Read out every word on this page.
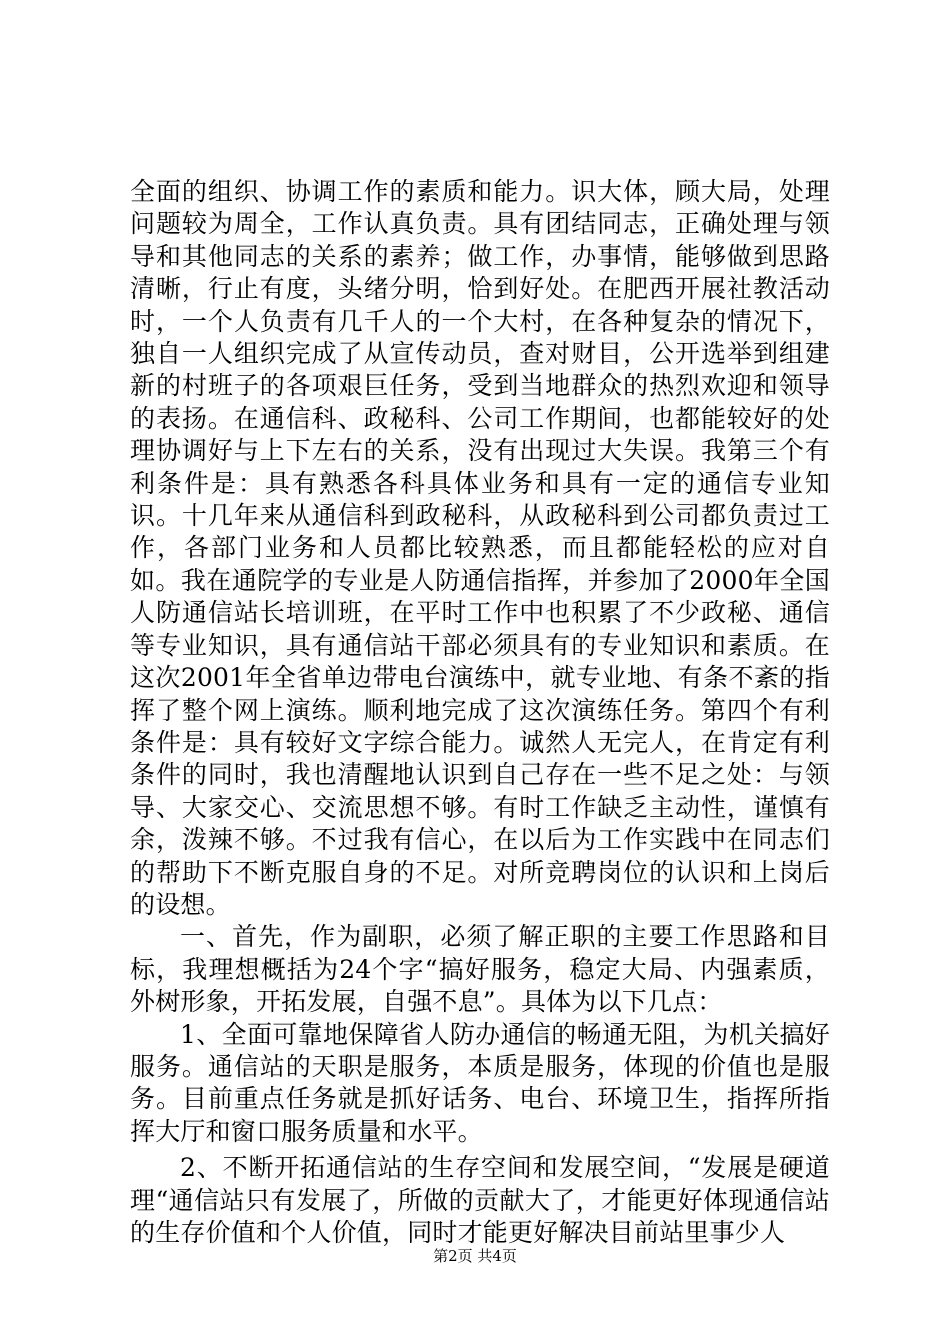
全面的组织、协调工作的素质和能力。识大体，顾大局，处理问题较为周全，工作认真负责。具有团结同志，正确处理与领导和其他同志的关系的素养；做工作，办事情，能够做到思路清晰，行止有度，头绪分明，恰到好处。在肥西开展社教活动时，一个人负责有几千人的一个大村，在各种复杂的情况下，独自一人组织完成了从宣传动员，查对财目，公开选举到组建新的村班子的各项艰巨任务，受到当地群众的热烈欢迎和领导的表扬。在通信科、政秘科、公司工作期间，也都能较好的处理协调好与上下左右的关系，没有出现过大失误。我第三个有利条件是：具有熟悉各科具体业务和具有一定的通信专业知识。十几年来从通信科到政秘科，从政秘科到公司都负责过工作，各部门业务和人员都比较熟悉，而且都能轻松的应对自如。我在通院学的专业是人防通信指挥，并参加了2000年全国人防通信站长培训班，在平时工作中也积累了不少政秘、通信等专业知识，具有通信站干部必须具有的专业知识和素质。在这次2001年全省单边带电台演练中，就专业地、有条不紊的指挥了整个网上演练。顺利地完成了这次演练任务。第四个有利条件是：具有较好文字综合能力。诚然人无完人，在肯定有利条件的同时，我也清醒地认识到自己存在一些不足之处：与领导、大家交心、交流思想不够。有时工作缺乏主动性，谨慎有余，泼辣不够。不过我有信心，在以后为工作实践中在同志们的帮助下不断克服自身的不足。对所竞聘岗位的认识和上岗后的设想。

一、首先，作为副职，必须了解正职的主要工作思路和目标，我理想概括为24个字“搞好服务，稳定大局、内强素质，外树形象，开拓发展，自强不息”。具体为以下几点：

1、全面可靠地保障省人防办通信的畅通无阻，为机关搞好服务。通信站的天职是服务，本质是服务，体现的价值也是服务。目前重点任务就是抓好话务、电台、环境卫生，指挥所指挥大厅和窗口服务质量和水平。

2、不断开拓通信站的生存空间和发展空间，“发展是硬道理“通信站只有发展了，所做的贡献大了，才能更好体现通信站的生存价值和个人价值，同时才能更好解决目前站里事少人

第2页 共4页
